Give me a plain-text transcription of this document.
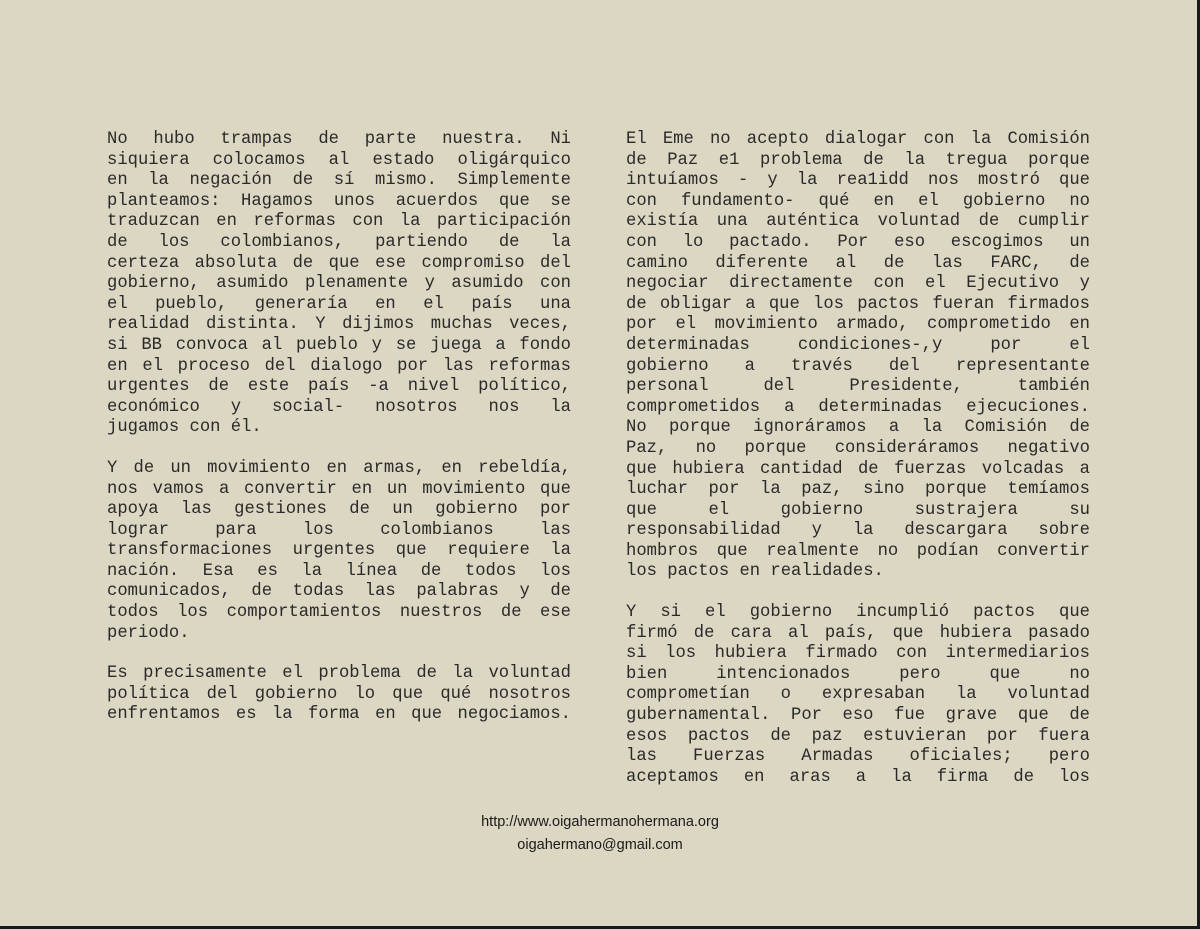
No hubo trampas de parte nuestra. Ni
siquiera colocamos al estado oligárquico
en la negación de sí mismo. Simplemente
planteamos: Hagamos unos acuerdos que se
traduzcan en reformas con la participación
de los colombianos, partiendo de la
certeza absoluta de que ese compromiso del
gobierno, asumido plenamente y asumido con
el pueblo, generaría en el país una
realidad distinta. Y dijimos muchas veces,
si BB convoca al pueblo y se juega a fondo
en el proceso del dialogo por las reformas
urgentes de este país -a nivel político,
económico y social- nosotros nos la
jugamos con él.
Y de un movimiento en armas, en rebeldía,
nos vamos a convertir en un movimiento que
apoya las gestiones de un gobierno por
lograr para los colombianos las
transformaciones urgentes que requiere la
nación. Esa es la línea de todos los
comunicados, de todas las palabras y de
todos los comportamientos nuestros de ese
periodo.
Es precisamente el problema de la voluntad
política del gobierno lo que qué nosotros
enfrentamos es la forma en que negociamos.
El Eme no acepto dialogar con la Comisión
de Paz e1 problema de la tregua porque
intuíamos - y la rea1idd nos mostró que
con fundamento- qué en el gobierno no
existía una auténtica voluntad de cumplir
con lo pactado. Por eso escogimos un
camino diferente al de las FARC, de
negociar directamente con el Ejecutivo y
de obligar a que los pactos fueran firmados
por el movimiento armado, comprometido en
determinadas condiciones-,y por el
gobierno a través del representante
personal del Presidente, también
comprometidos a determinadas ejecuciones.
No porque ignoráramos a la Comisión de
Paz, no porque consideráramos negativo
que hubiera cantidad de fuerzas volcadas a
luchar por la paz, sino porque temíamos
que el gobierno sustrajera su
responsabilidad y la descargara sobre
hombros que realmente no podían convertir
los pactos en realidades.
Y si el gobierno incumplió pactos que
firmó de cara al país, que hubiera pasado
si los hubiera firmado con intermediarios
bien intencionados pero que no
comprometían o expresaban la voluntad
gubernamental. Por eso fue grave que de
esos pactos de paz estuvieran por fuera
las Fuerzas Armadas oficiales; pero
aceptamos en aras a la firma de los
http://www.oigahermanohermana.org
oigahermano@gmail.com
